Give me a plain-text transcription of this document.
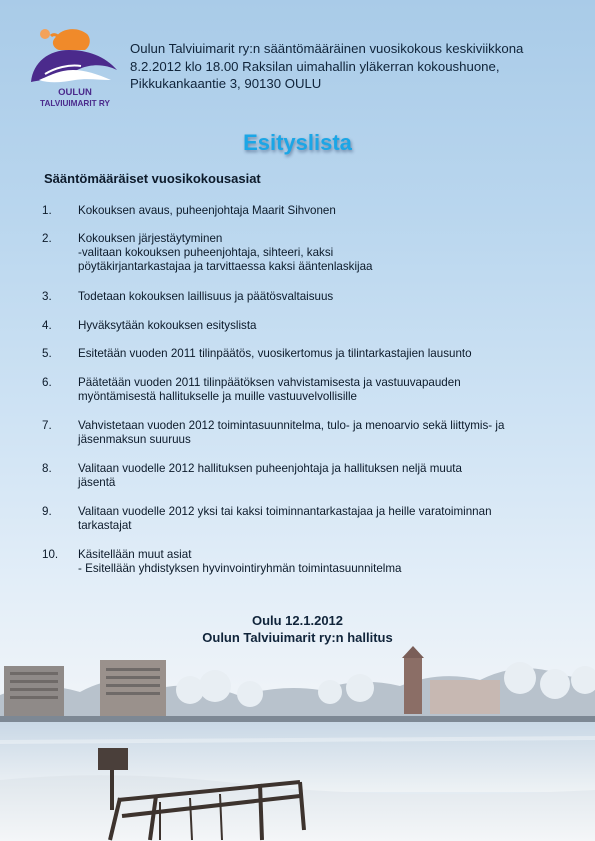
OULUN
TALVIUIMARIT RY
Oulun Talviuimarit ry:n sääntömääräinen vuosikokous keskiviikkona
8.2.2012 klo 18.00 Raksilan uimahallin yläkerran kokoushuone,
Pikkukankaantie 3, 90130 OULU
Esityslista
Sääntömääräiset vuosikokousasiat
1.	Kokouksen avaus, puheenjohtaja Maarit Sihvonen
2.	Kokouksen järjestäytyminen
-valitaan kokouksen puheenjohtaja, sihteeri, kaksi
pöytäkirjantarkastajaa ja tarvittaessa kaksi ääntenlaskijaa
3.	Todetaan kokouksen laillisuus ja päätösvaltaisuus
4.	Hyväksytään kokouksen esityslista
5.	Esitetään vuoden 2011 tilinpäätös, vuosikertomus ja tilintarkastajien lausunto
6.	Päätetään vuoden 2011 tilinpäätöksen vahvistamisesta ja vastuuvapauden
myöntämisestä hallitukselle ja muille vastuuvelvollisille
7.	Vahvistetaan vuoden 2012 toimintasuunnitelma, tulo- ja menoarvio sekä liittymis- ja
jäsenmaksun suuruus
8.	Valitaan vuodelle 2012 hallituksen puheenjohtaja ja hallituksen neljä muuta
jäsentä
9.	Valitaan vuodelle 2012 yksi tai kaksi toiminnantarkastajaa ja heille varatoiminnan
tarkastajat
10.	Käsitellään muut asiat
- Esitellään yhdistyksen hyvinvointiryhmän toimintasuunnitelma
Oulu 12.1.2012
Oulun Talviuimarit ry:n hallitus
